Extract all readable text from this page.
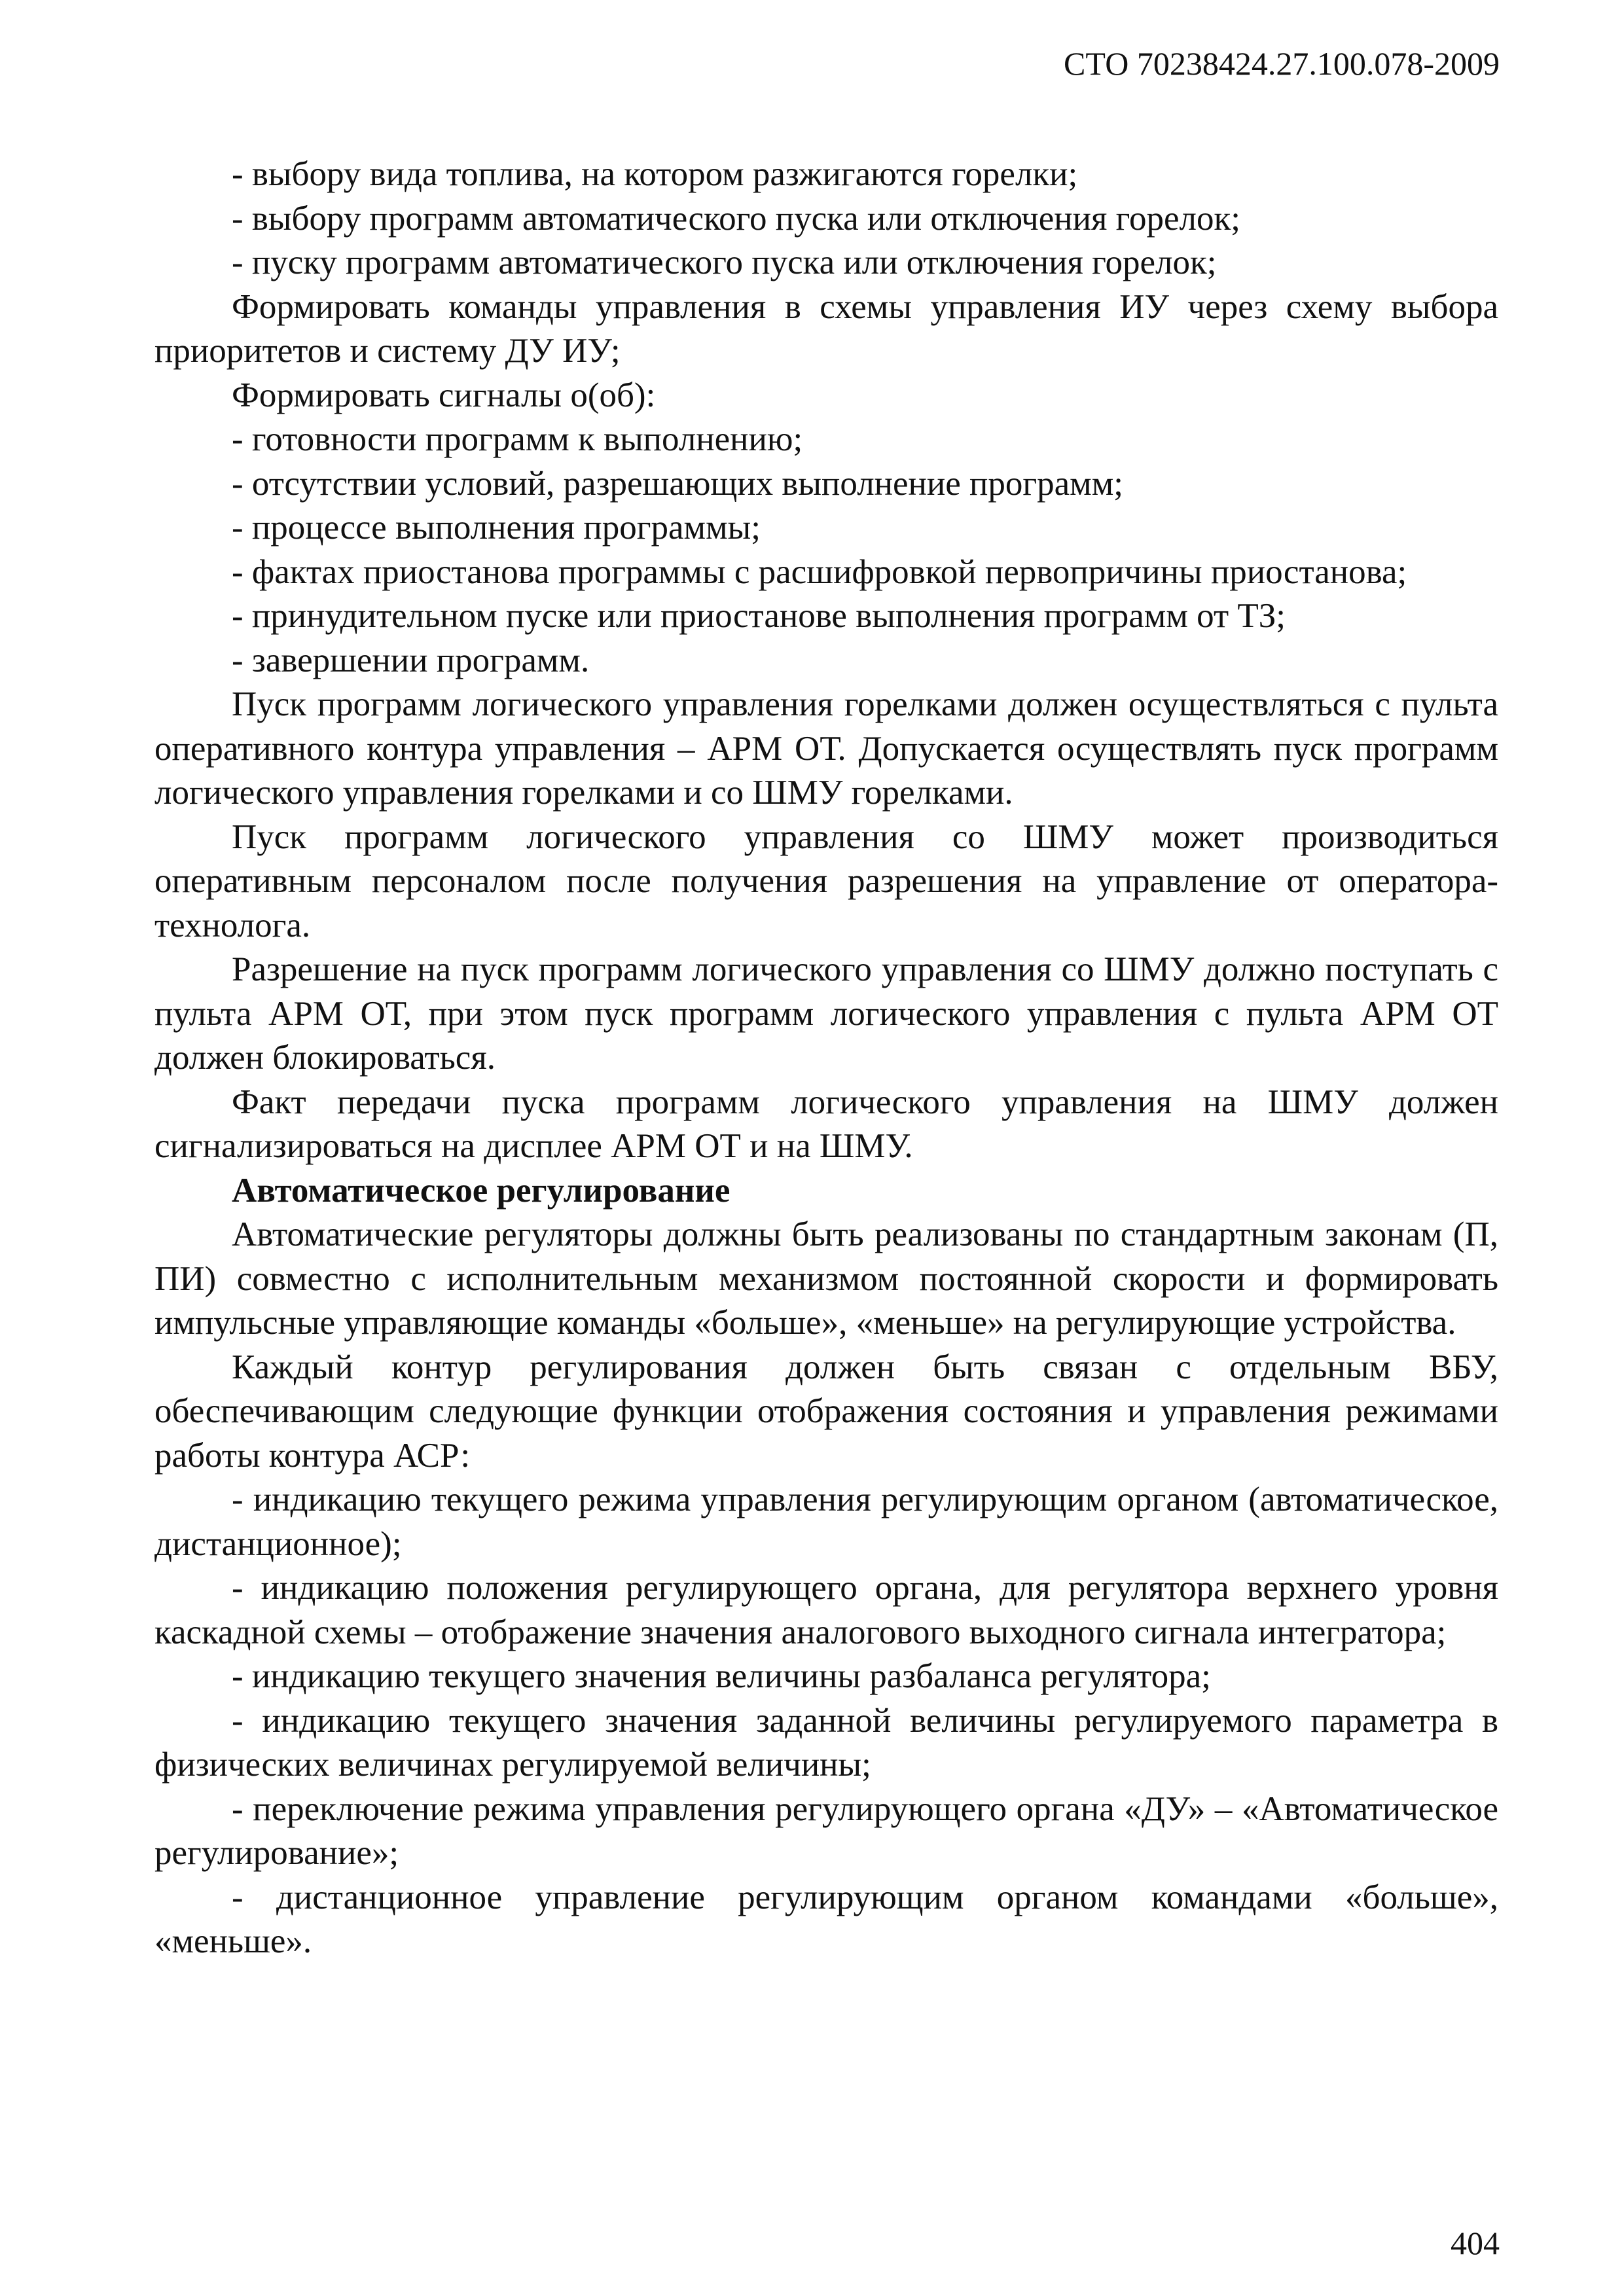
СТО 70238424.27.100.078-2009

- выбору вида топлива, на котором разжигаются горелки;

- выбору программ автоматического пуска или отключения горелок;

- пуску программ автоматического пуска или отключения горелок;

Формировать команды управления в схемы управления ИУ через схему выбора приоритетов и систему ДУ ИУ;

Формировать сигналы о(об):

- готовности программ к выполнению;

- отсутствии условий, разрешающих выполнение программ;

- процессе выполнения программы;

- фактах приостанова программы с расшифровкой первопричины приостанова;

- принудительном пуске или приостанове выполнения программ от ТЗ;

- завершении программ.

Пуск программ логического управления горелками должен осуществляться с пульта оперативного контура управления – АРМ ОТ. Допускается осуществлять пуск программ логического управления горелками и со ШМУ горелками.

Пуск программ логического управления со ШМУ может производиться оперативным персоналом после получения разрешения на управление от оператора-технолога.

Разрешение на пуск программ логического управления со ШМУ должно поступать с пульта АРМ ОТ, при этом пуск программ логического управления с пульта АРМ ОТ должен блокироваться.

Факт передачи пуска программ логического управления на ШМУ должен сигнализироваться на дисплее АРМ ОТ и на ШМУ.

Автоматическое регулирование

Автоматические регуляторы должны быть реализованы по стандартным законам (П, ПИ) совместно с исполнительным механизмом постоянной скорости и формировать импульсные управляющие команды «больше», «меньше» на регулирующие устройства.

Каждый контур регулирования должен быть связан с отдельным ВБУ, обеспечивающим следующие функции отображения состояния и управления режимами работы контура АСР:

- индикацию текущего режима управления регулирующим органом (автоматическое, дистанционное);

- индикацию положения регулирующего органа, для регулятора верхнего уровня каскадной схемы – отображение значения аналогового выходного сигнала интегратора;

- индикацию текущего значения величины разбаланса регулятора;

- индикацию текущего значения заданной величины регулируемого параметра в физических величинах регулируемой величины;

- переключение режима управления регулирующего органа «ДУ» – «Автоматическое регулирование»;

- дистанционное управление регулирующим органом командами «больше», «меньше».

404
